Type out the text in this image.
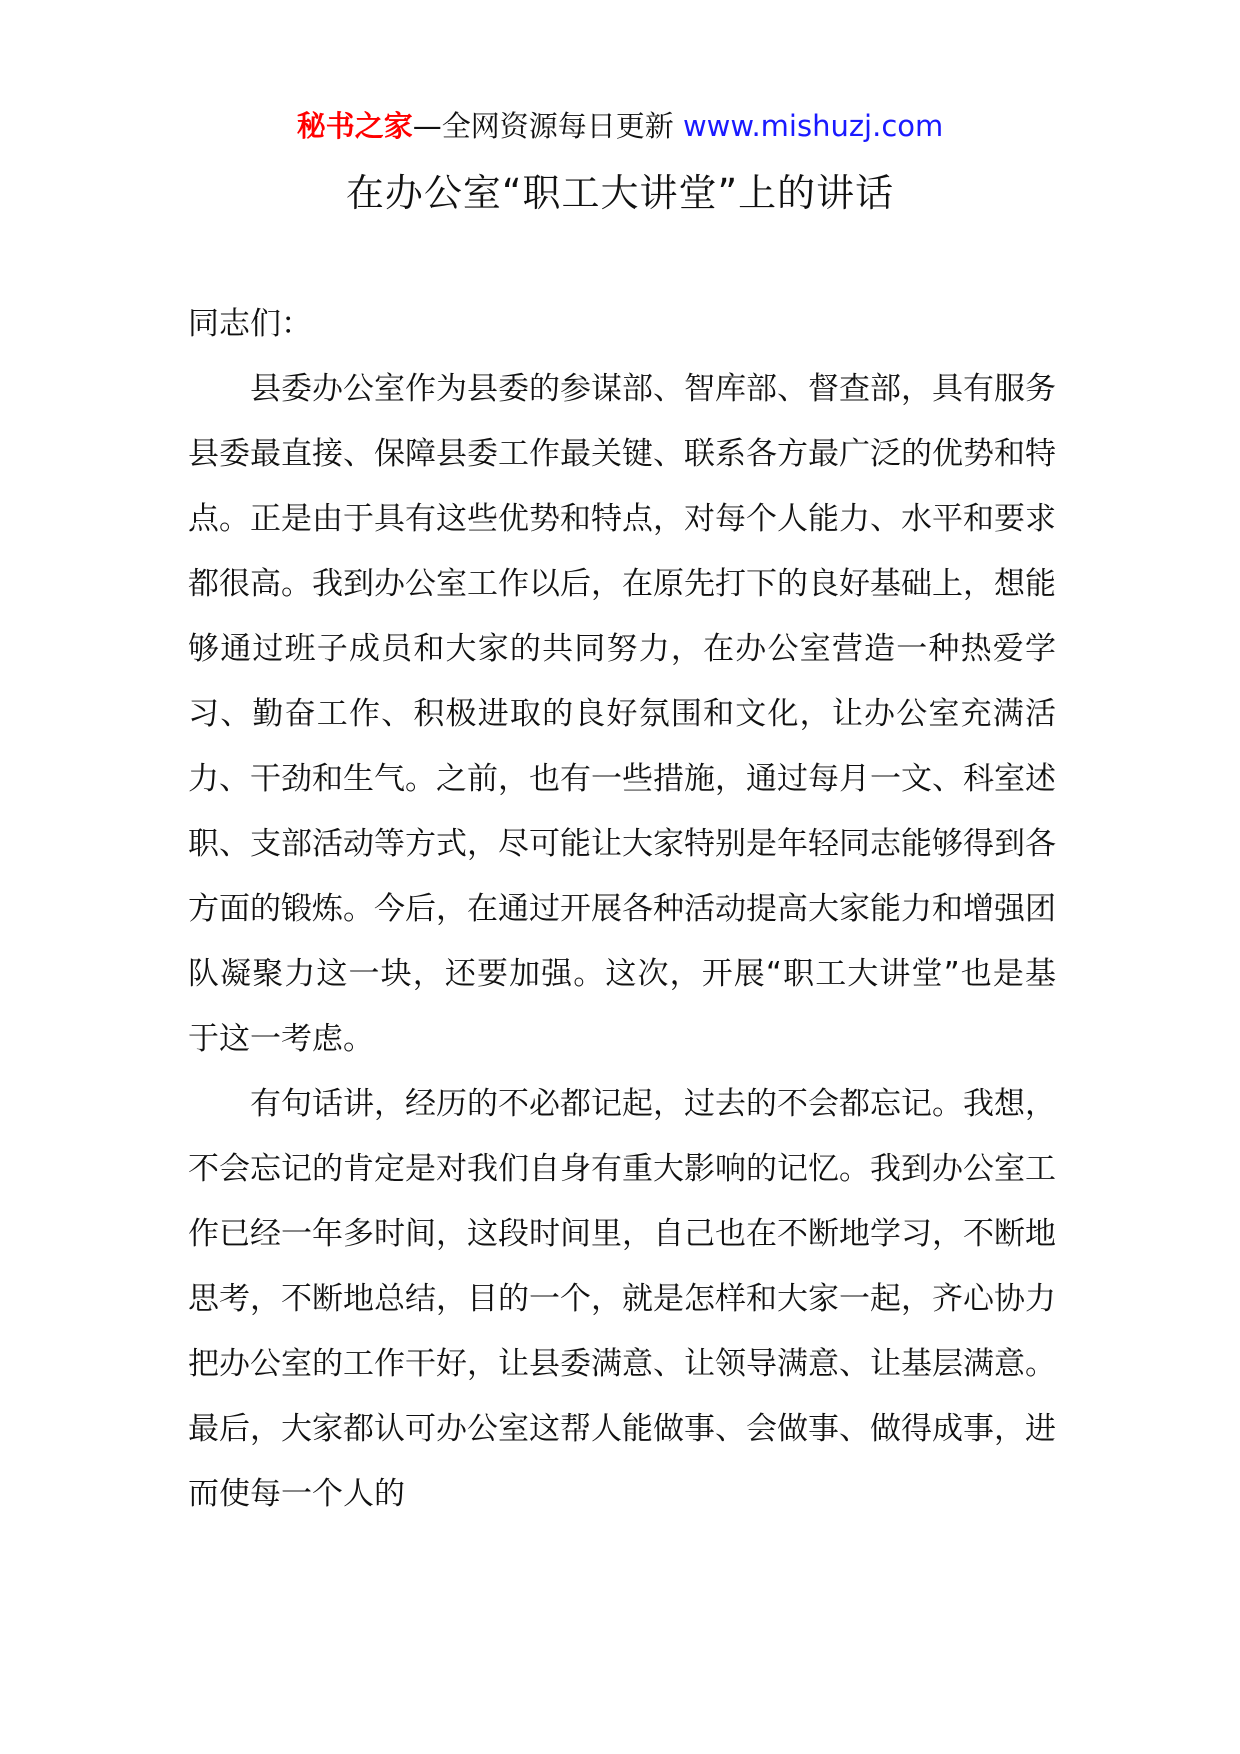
秘书之家—全网资源每日更新 www.mishuzj.com
在办公室“职工大讲堂”上的讲话

同志们：

县委办公室作为县委的参谋部、智库部、督查部，具有服务县委最直接、保障县委工作最关键、联系各方最广泛的优势和特点。正是由于具有这些优势和特点，对每个人能力、水平和要求都很高。我到办公室工作以后，在原先打下的良好基础上，想能够通过班子成员和大家的共同努力，在办公室营造一种热爱学习、勤奋工作、积极进取的良好氛围和文化，让办公室充满活力、干劲和生气。之前，也有一些措施，通过每月一文、科室述职、支部活动等方式，尽可能让大家特别是年轻同志能够得到各方面的锻炼。今后，在通过开展各种活动提高大家能力和增强团队凝聚力这一块，还要加强。这次，开展“职工大讲堂”也是基于这一考虑。

有句话讲，经历的不必都记起，过去的不会都忘记。我想，不会忘记的肯定是对我们自身有重大影响的记忆。我到办公室工作已经一年多时间，这段时间里，自己也在不断地学习，不断地思考，不断地总结，目的一个，就是怎样和大家一起，齐心协力把办公室的工作干好，让县委满意、让领导满意、让基层满意。最后，大家都认可办公室这帮人能做事、会做事、做得成事，进而使每一个人的
